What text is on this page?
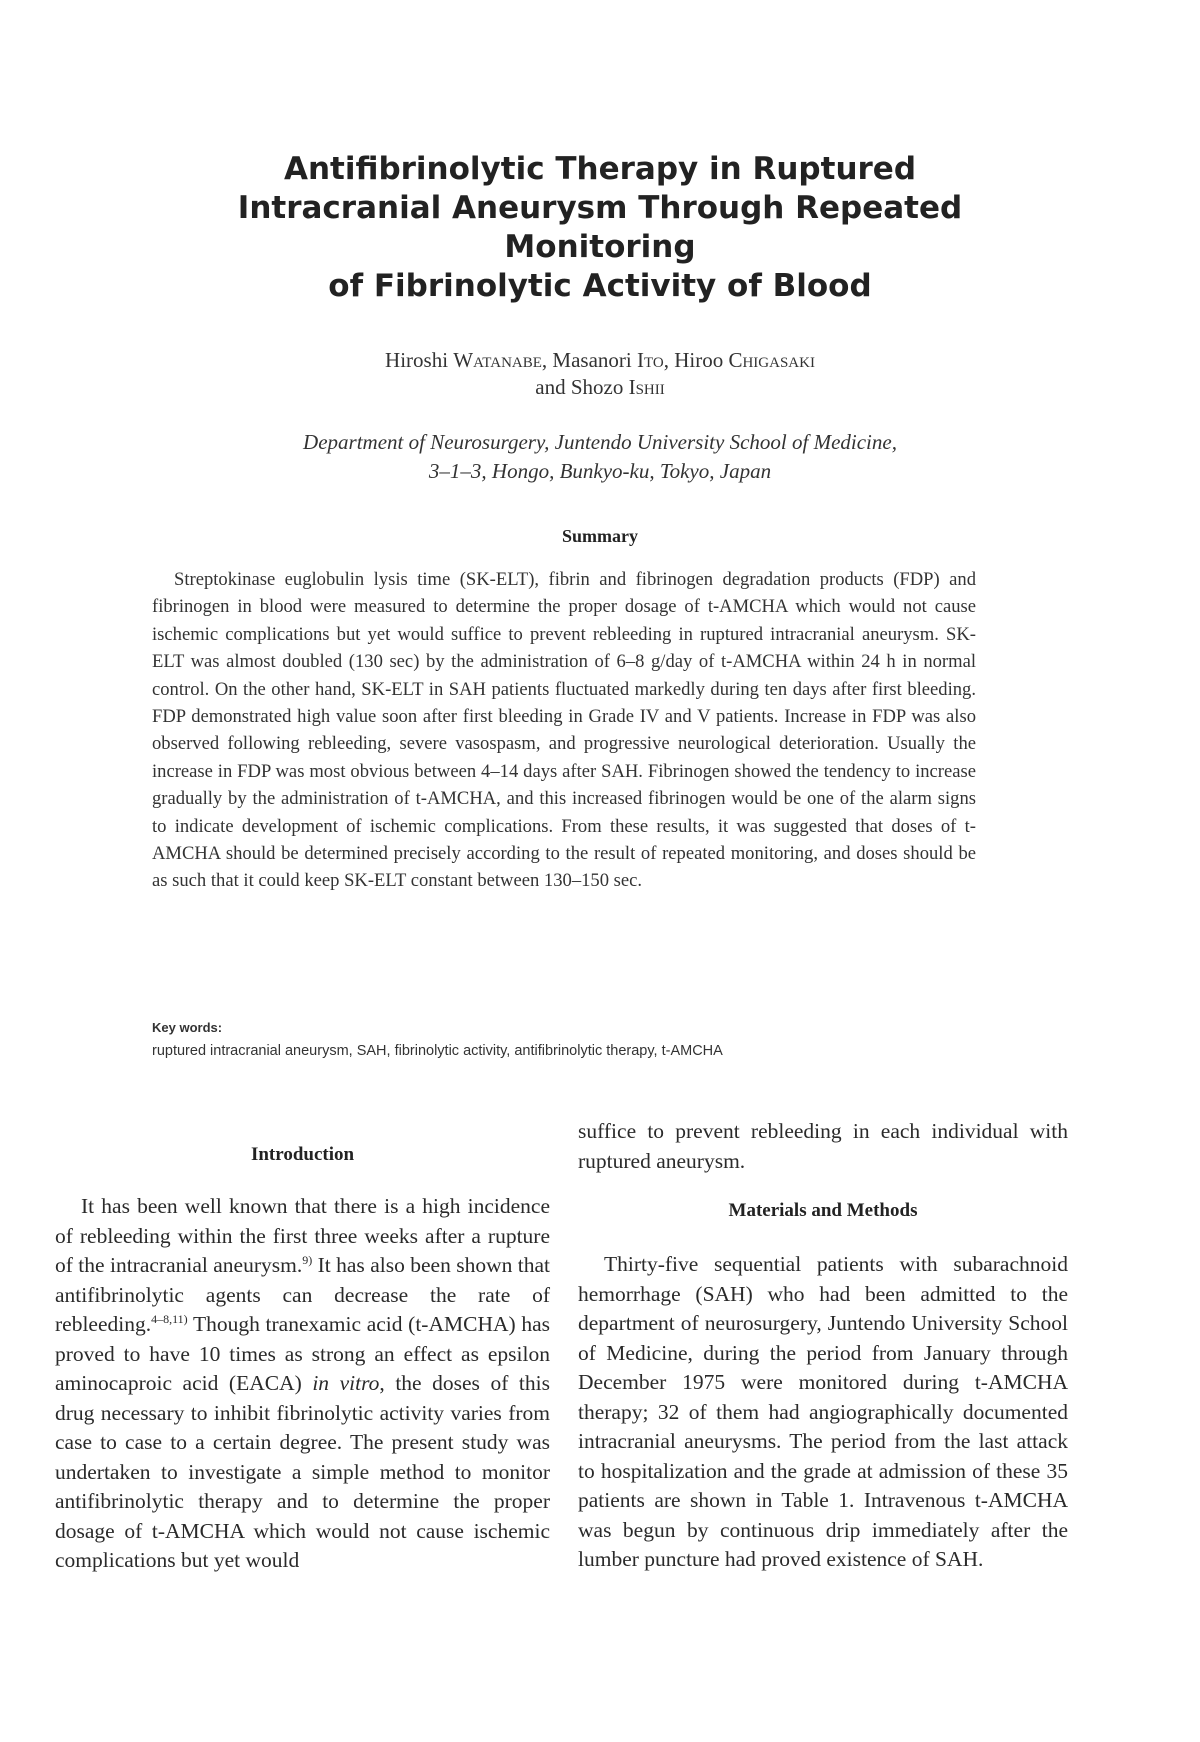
Antifibrinolytic Therapy in Ruptured
Intracranial Aneurysm Through Repeated
Monitoring
of Fibrinolytic Activity of Blood
Hiroshi Watanabe, Masanori Ito, Hiroo Chigasaki
and Shozo Ishii
Department of Neurosurgery, Juntendo University School of Medicine,
3–1–3, Hongo, Bunkyo-ku, Tokyo, Japan
Summary

Streptokinase euglobulin lysis time (SK-ELT), fibrin and fibrinogen degradation products (FDP) and fibrinogen in blood were measured to determine the proper dosage of t-AMCHA which would not cause ischemic complications but yet would suffice to prevent rebleeding in ruptured intracranial aneurysm. SK-ELT was almost doubled (130 sec) by the administration of 6–8 g/day of t-AMCHA within 24 h in normal control. On the other hand, SK-ELT in SAH patients fluctuated markedly during ten days after first bleeding. FDP demonstrated high value soon after first bleeding in Grade IV and V patients. Increase in FDP was also observed following rebleeding, severe vasospasm, and progressive neurological deterioration. Usually the increase in FDP was most obvious between 4–14 days after SAH. Fibrinogen showed the tendency to increase gradually by the administration of t-AMCHA, and this increased fibrinogen would be one of the alarm signs to indicate development of ischemic complications. From these results, it was suggested that doses of t-AMCHA should be determined precisely according to the result of repeated monitoring, and doses should be as such that it could keep SK-ELT constant between 130–150 sec.

Key words:
ruptured intracranial aneurysm, SAH, fibrinolytic activity, antifibrinolytic therapy, t-AMCHA
Introduction

It has been well known that there is a high incidence of rebleeding within the first three weeks after a rupture of the intracranial aneurysm.$^{9)}$ It has also been shown that antifibrinolytic agents can decrease the rate of rebleeding.$^{4-8,11)}$ Though tranexamic acid (t-AMCHA) has proved to have 10 times as strong an effect as epsilon aminocaproic acid (EACA) in vitro, the doses of this drug necessary to inhibit fibrinolytic activity varies from case to case to a certain degree. The present study was undertaken to investigate a simple method to monitor antifibrinolytic therapy and to determine the proper dosage of t-AMCHA which would not cause ischemic complications but yet would

suffice to prevent rebleeding in each individual with ruptured aneurysm.

Materials and Methods

Thirty-five sequential patients with subarachnoid hemorrhage (SAH) who had been admitted to the department of neurosurgery, Juntendo University School of Medicine, during the period from January through December 1975 were monitored during t-AMCHA therapy; 32 of them had angiographically documented intracranial aneurysms. The period from the last attack to hospitalization and the grade at admission of these 35 patients are shown in Table 1. Intravenous t-AMCHA was begun by continuous drip immediately after the lumber puncture had proved existence of SAH.
